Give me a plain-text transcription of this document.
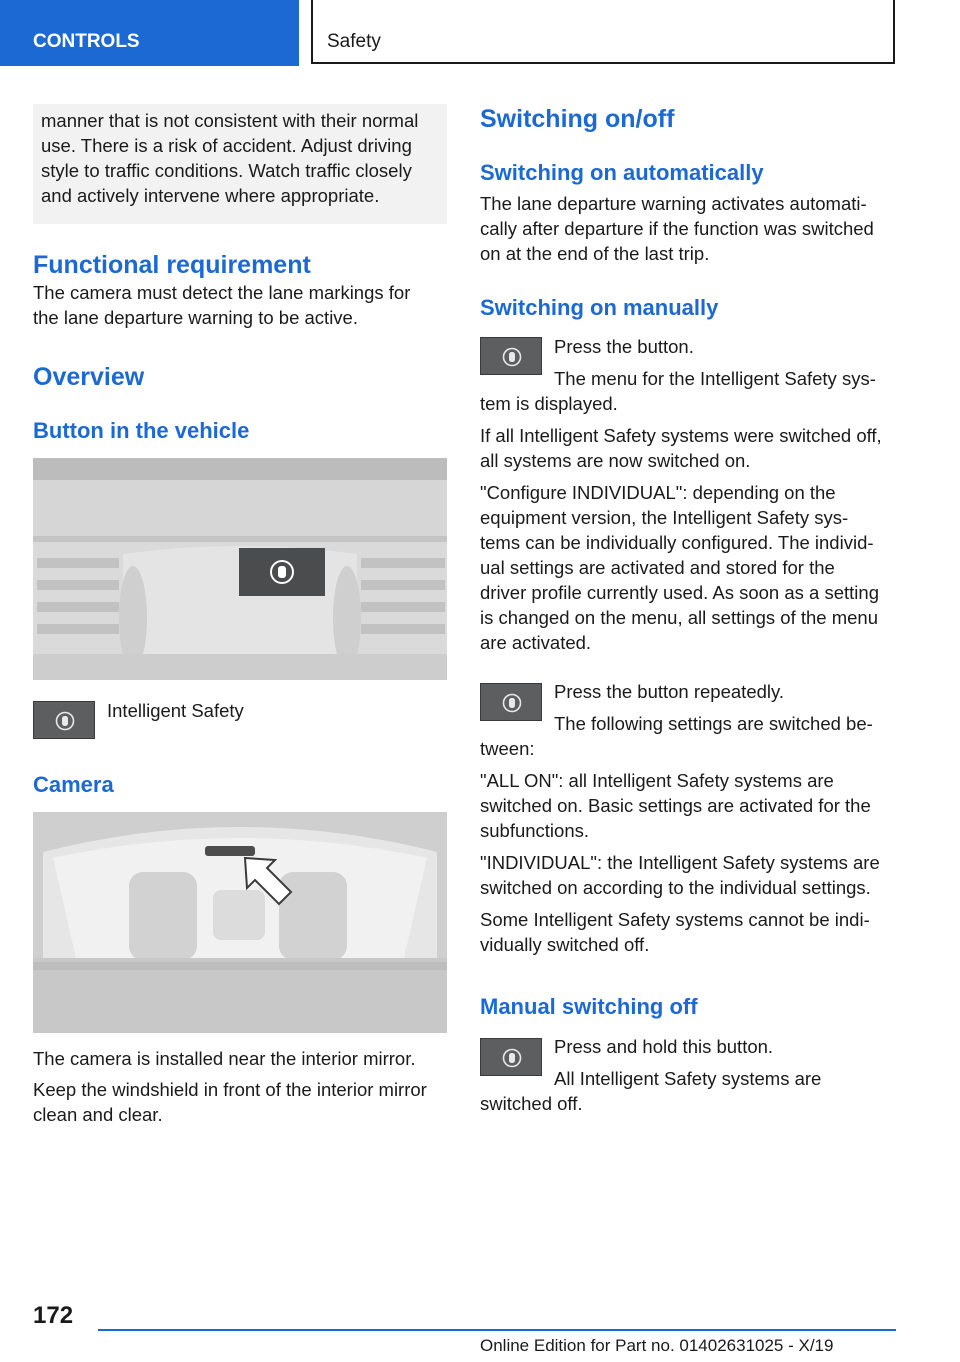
CONTROLS	Safety

manner that is not consistent with their normal

use. There is a risk of accident. Adjust driving

style to traffic conditions. Watch traffic closely

and actively intervene where appropriate.

Functional requirement

The camera must detect the lane markings for

the lane departure warning to be active.

Overview
Button in the vehicle
Intelligent Safety
Camera

The camera is installed near the interior mirror.

Keep the windshield in front of the interior mirror

clean and clear.

Switching on/off
Switching on automatically

The lane departure warning activates automati-

cally after departure if the function was switched

on at the end of the last trip.

Switching on manually
Press the button.
The menu for the Intelligent Safety sys-

tem is displayed.

If all Intelligent Safety systems were switched off,

all systems are now switched on.

"Configure INDIVIDUAL": depending on the

equipment version, the Intelligent Safety sys-

tems can be individually configured. The individ-

ual settings are activated and stored for the

driver profile currently used. As soon as a setting

is changed on the menu, all settings of the menu

are activated.

Press the button repeatedly.
The following settings are switched be-

tween:

"ALL ON": all Intelligent Safety systems are

switched on. Basic settings are activated for the

subfunctions.

"INDIVIDUAL": the Intelligent Safety systems are

switched on according to the individual settings.

Some Intelligent Safety systems cannot be indi-

vidually switched off.

Manual switching off
Press and hold this button.
All Intelligent Safety systems are
switched off.
172
Online Edition for Part no. 01402631025 - X/19
